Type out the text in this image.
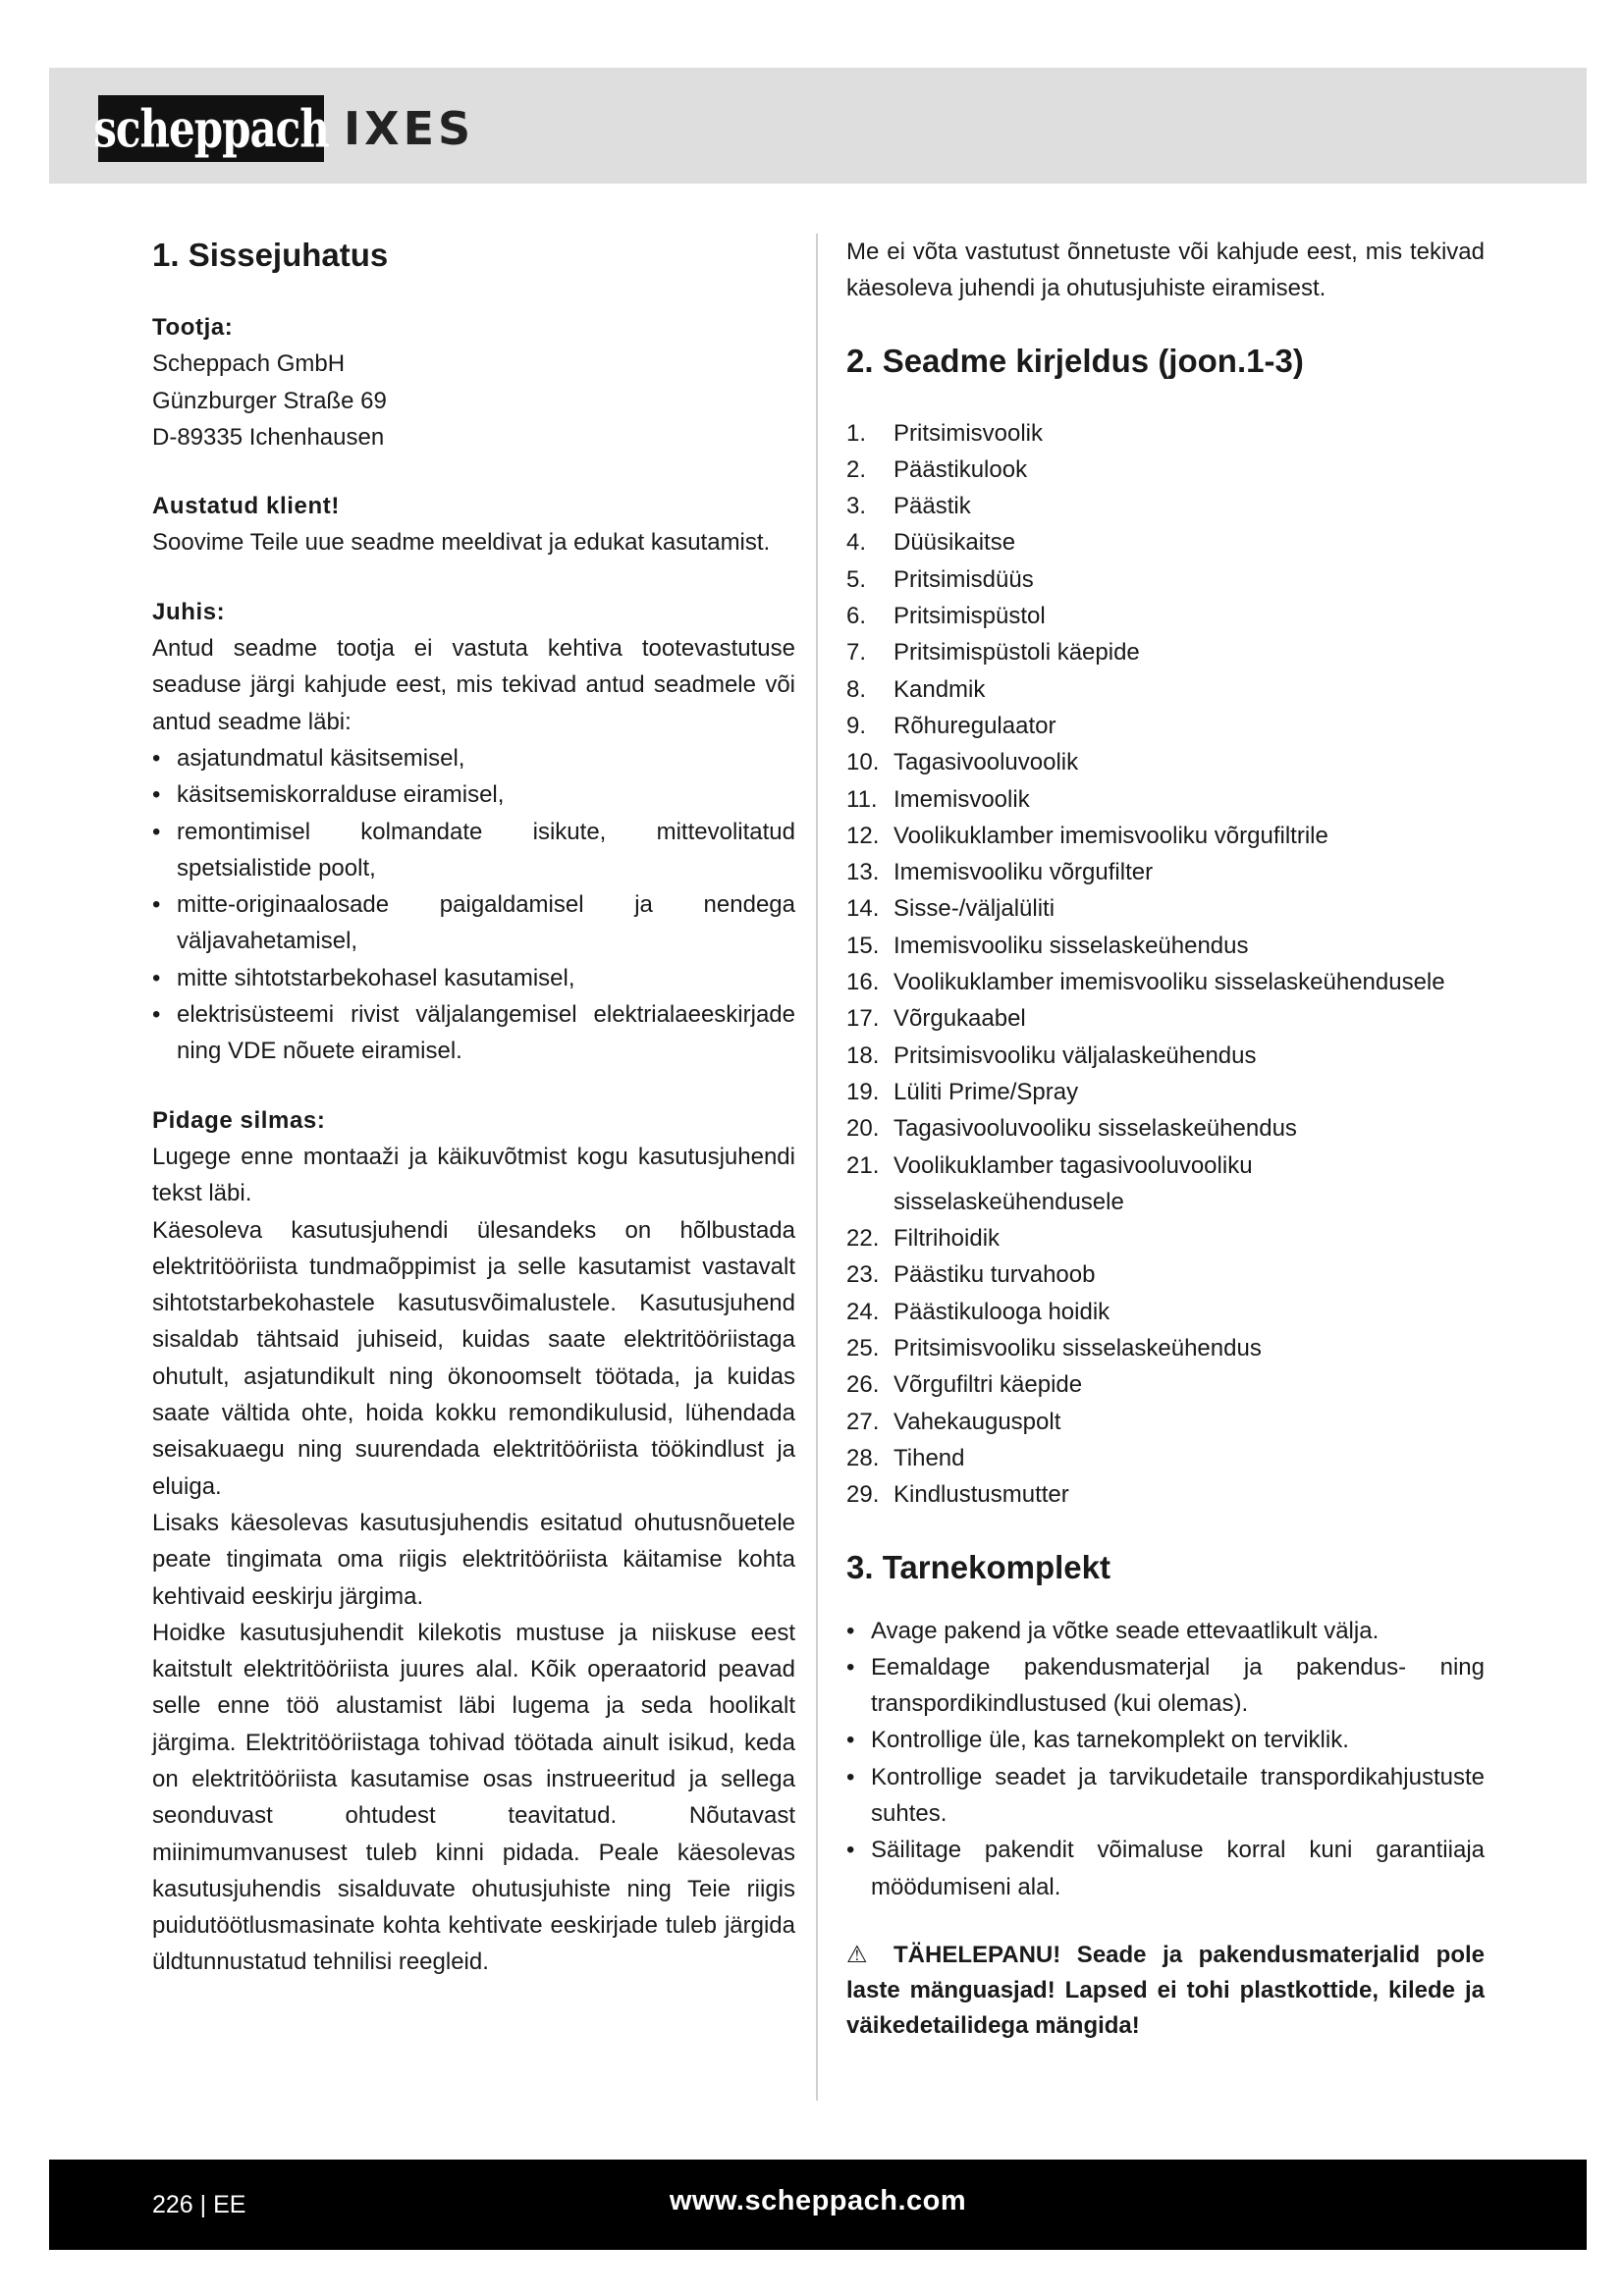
scheppach IXES
1. Sissejuhatus

Tootja:

Scheppach GmbH

Günzburger Straße 69

D-89335 Ichenhausen

Austatud klient!

Soovime Teile uue seadme meeldivat ja edukat kasutamist.

Juhis:

Antud seadme tootja ei vastuta kehtiva tootevastutuse seaduse järgi kahjude eest, mis tekivad antud seadmele või antud seadme läbi:

• asjatundmatul käsitsemisel,
• käsitsemiskorralduse eiramisel,
• remontimisel kolmandate isikute, mittevolitatud spetsialistide poolt,
• mitte-originaalosade paigaldamisel ja nendega väljavahetamisel,
• mitte sihtotstarbekohasel kasutamisel,
• elektrisüsteemi rivist väljalangemisel elektrialaeeskirjade ning VDE nõuete eiramisel.

Pidage silmas:

Lugege enne montaaži ja käikuvõtmist kogu kasutusjuhendi tekst läbi.

Käesoleva kasutusjuhendi ülesandeks on hõlbustada elektritööriista tundmaõppimist ja selle kasutamist vastavalt sihtotstarbekohastele kasutusvõimalustele. Kasutusjuhend sisaldab tähtsaid juhiseid, kuidas saate elektritööriistaga ohutult, asjatundikult ning ökonoomselt töötada, ja kuidas saate vältida ohte, hoida kokku remondikulusid, lühendada seisakuaegu ning suurendada elektritööriista töökindlust ja eluiga.

Lisaks käesolevas kasutusjuhendis esitatud ohutusnõuetele peate tingimata oma riigis elektritööriista käitamise kohta kehtivaid eeskirju järgima.

Hoidke kasutusjuhendit kilekotis mustuse ja niiskuse eest kaitstult elektritööriista juures alal. Kõik operaatorid peavad selle enne töö alustamist läbi lugema ja seda hoolikalt järgima. Elektritööriistaga tohivad töötada ainult isikud, keda on elektritööriista kasutamise osas instrueeritud ja sellega seonduvast ohtudest teavitatud. Nõutavast miinimumvanusest tuleb kinni pidada. Peale käesolevas kasutusjuhendis sisalduvate ohutusjuhiste ning Teie riigis puidutöötlusmasinate kohta kehtivate eeskirjade tuleb järgida üldtunnustatud tehnilisi reegleid.

Me ei võta vastutust õnnetuste või kahjude eest, mis tekivad käesoleva juhendi ja ohutusjuhiste eiramisest.

2. Seadme kirjeldus (joon.1-3)
1. Pritsimisvoolik
2. Päästikulook
3. Päästik
4. Düüsikaitse
5. Pritsimisdüüs
6. Pritsimispüstol
7. Pritsimispüstoli käepide
8. Kandmik
9. Rõhuregulaator
10. Tagasivooluvoolik
11. Imemisvoolik
12. Voolikuklamber imemisvooliku võrgufiltrile
13. Imemisvooliku võrgufilter
14. Sisse-/väljalüliti
15. Imemisvooliku sisselaskeühendus
16. Voolikuklamber imemisvooliku sisselaskeühendusele
17. Võrgukaabel
18. Pritsimisvooliku väljalaskeühendus
19. Lüliti Prime/Spray
20. Tagasivooluvooliku sisselaskeühendus
21. Voolikuklamber tagasivooluvooliku sisselaskeühendusele
22. Filtrihoidik
23. Päästiku turvahoob
24. Päästikulooga hoidik
25. Pritsimisvooliku sisselaskeühendus
26. Võrgufiltri käepide
27. Vahekauguspolt
28. Tihend
29. Kindlustusmutter
3. Tarnekomplekt
• Avage pakend ja võtke seade ettevaatlikult välja.
• Eemaldage pakendusmaterjal ja pakendus- ning transpordikindlustused (kui olemas).
• Kontrollige üle, kas tarnekomplekt on terviklik.
• Kontrollige seadet ja tarvikudetaile transpordikahjustuste suhtes.
• Säilitage pakendit võimaluse korral kuni garantiiaja möödumiseni alal.

⚠ TÄHELEPANU! Seade ja pakendusmaterjalid pole laste mänguasjad! Lapsed ei tohi plastkottide, kilede ja väikedetailidega mängida!

226 | EE	www.scheppach.com
